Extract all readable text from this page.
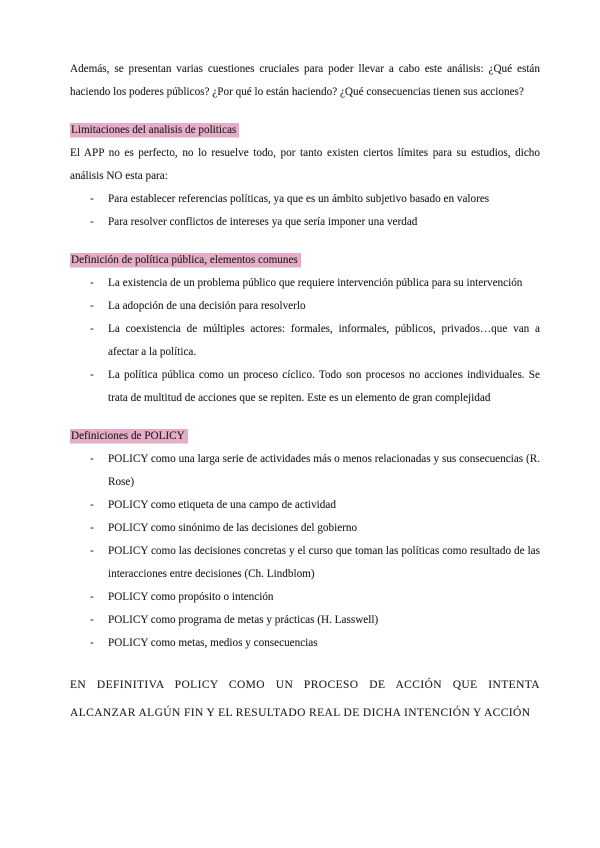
Además, se presentan varias cuestiones cruciales para poder llevar a cabo este análisis: ¿Qué están haciendo los poderes públicos? ¿Por qué lo están haciendo? ¿Qué consecuencias tienen sus acciones?

Limitaciones del analisis de politicas

El APP no es perfecto, no lo resuelve todo, por tanto existen ciertos límites para su estudios, dicho análisis NO esta para:

- Para establecer referencias políticas, ya que es un ámbito subjetivo basado en valores
- Para resolver conflictos de intereses ya que sería imponer una verdad
Definición de política pública, elementos comunes
- La existencia de un problema público que requiere intervención pública para su intervención
- La adopción de una decisión para resolverlo
- La coexistencia de múltiples actores: formales, informales, públicos, privados…que van a afectar a la política.
- La política pública como un proceso cíclico. Todo son procesos no acciones individuales. Se trata de multitud de acciones que se repiten. Este es un elemento de gran complejidad
Definiciones de POLICY
- POLICY como una larga serie de actividades más o menos relacionadas y sus consecuencias (R. Rose)
- POLICY como etiqueta de una campo de actividad
- POLICY como sinónimo de las decisiones del gobierno
- POLICY como las decisiones concretas y el curso que toman las políticas como resultado de las interacciones entre decisiones (Ch. Lindblom)
- POLICY como propósito o intención
- POLICY como programa de metas y prácticas (H. Lasswell)
- POLICY como metas, medios y consecuencias

EN DEFINITIVA POLICY COMO UN PROCESO DE ACCIÓN QUE INTENTA ALCANZAR ALGÚN FIN Y EL RESULTADO REAL DE DICHA INTENCIÓN Y ACCIÓN
